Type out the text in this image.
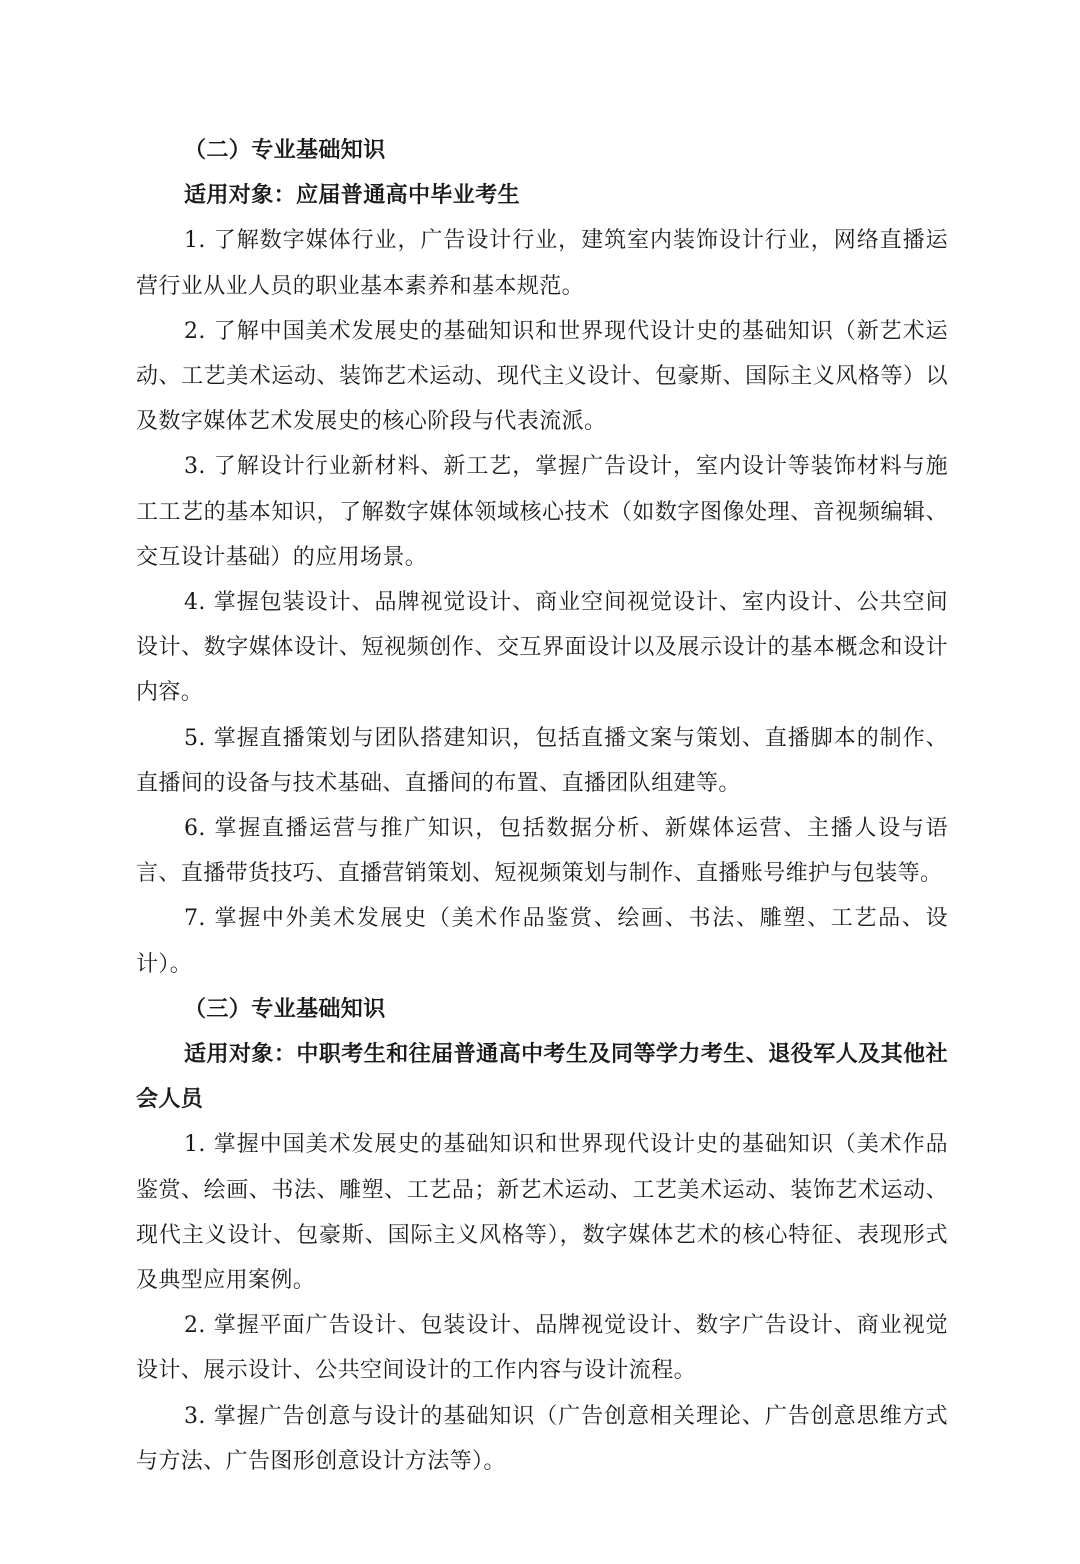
（二）专业基础知识

适用对象：应届普通高中毕业考生

1. 了解数字媒体行业，广告设计行业，建筑室内装饰设计行业，网络直播运营行业从业人员的职业基本素养和基本规范。

2. 了解中国美术发展史的基础知识和世界现代设计史的基础知识（新艺术运动、工艺美术运动、装饰艺术运动、现代主义设计、包豪斯、国际主义风格等）以及数字媒体艺术发展史的核心阶段与代表流派。

3. 了解设计行业新材料、新工艺，掌握广告设计，室内设计等装饰材料与施工工艺的基本知识，了解数字媒体领域核心技术（如数字图像处理、音视频编辑、交互设计基础）的应用场景。

4. 掌握包装设计、品牌视觉设计、商业空间视觉设计、室内设计、公共空间设计、数字媒体设计、短视频创作、交互界面设计以及展示设计的基本概念和设计内容。

5. 掌握直播策划与团队搭建知识，包括直播文案与策划、直播脚本的制作、直播间的设备与技术基础、直播间的布置、直播团队组建等。

6. 掌握直播运营与推广知识，包括数据分析、新媒体运营、主播人设与语言、直播带货技巧、直播营销策划、短视频策划与制作、直播账号维护与包装等。

7. 掌握中外美术发展史（美术作品鉴赏、绘画、书法、雕塑、工艺品、设计）。

（三）专业基础知识

适用对象：中职考生和往届普通高中考生及同等学力考生、退役军人及其他社会人员

1. 掌握中国美术发展史的基础知识和世界现代设计史的基础知识（美术作品鉴赏、绘画、书法、雕塑、工艺品；新艺术运动、工艺美术运动、装饰艺术运动、现代主义设计、包豪斯、国际主义风格等），数字媒体艺术的核心特征、表现形式及典型应用案例。

2. 掌握平面广告设计、包装设计、品牌视觉设计、数字广告设计、商业视觉设计、展示设计、公共空间设计的工作内容与设计流程。

3. 掌握广告创意与设计的基础知识（广告创意相关理论、广告创意思维方式与方法、广告图形创意设计方法等）。
